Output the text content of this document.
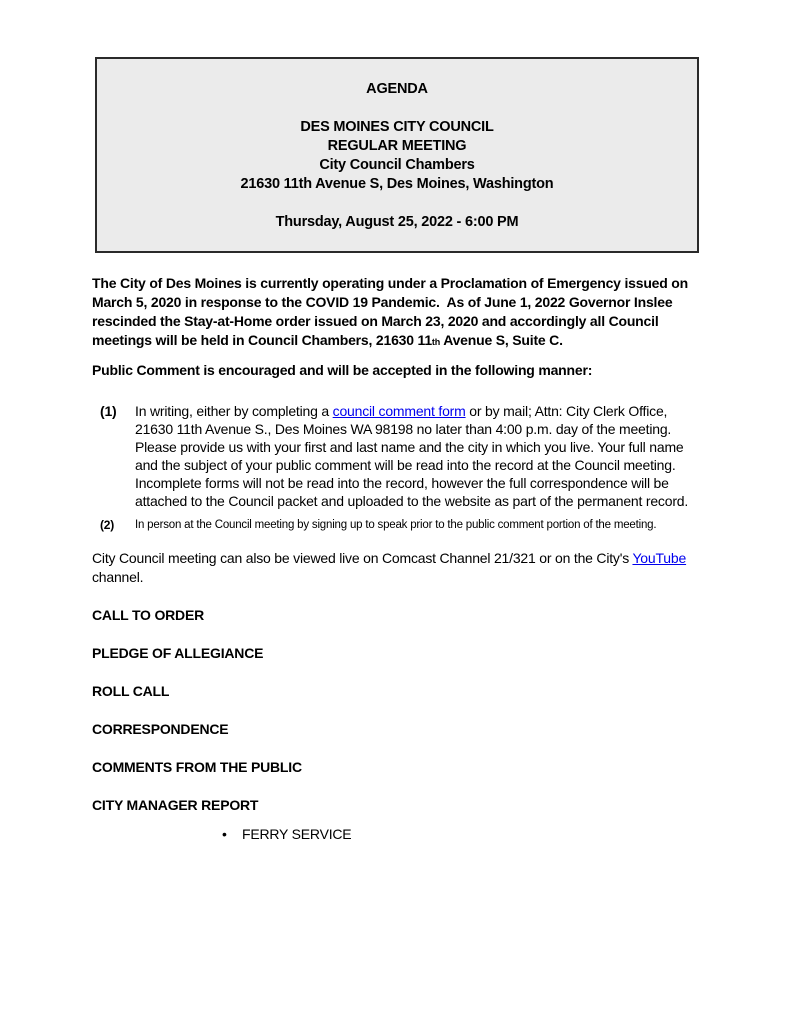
AGENDA
DES MOINES CITY COUNCIL
REGULAR MEETING
City Council Chambers
21630 11th Avenue S, Des Moines, Washington
Thursday, August 25, 2022 - 6:00 PM

The City of Des Moines is currently operating under a Proclamation of Emergency issued on March 5, 2020 in response to the COVID 19 Pandemic.  As of June 1, 2022 Governor Inslee rescinded the Stay-at-Home order issued on March 23, 2020 and accordingly all Council meetings will be held in Council Chambers, 21630 11th Avenue S, Suite C.

Public Comment is encouraged and will be accepted in the following manner:

(1) In writing, either by completing a council comment form or by mail; Attn: City Clerk Office, 21630 11th Avenue S., Des Moines WA 98198 no later than 4:00 p.m. day of the meeting. Please provide us with your first and last name and the city in which you live. Your full name and the subject of your public comment will be read into the record at the Council meeting. Incomplete forms will not be read into the record, however the full correspondence will be attached to the Council packet and uploaded to the website as part of the permanent record.
(2) In person at the Council meeting by signing up to speak prior to the public comment portion of the meeting.

City Council meeting can also be viewed live on Comcast Channel 21/321 or on the City's YouTube channel.

CALL TO ORDER
PLEDGE OF ALLEGIANCE
ROLL CALL
CORRESPONDENCE
COMMENTS FROM THE PUBLIC
CITY MANAGER REPORT
• FERRY SERVICE
